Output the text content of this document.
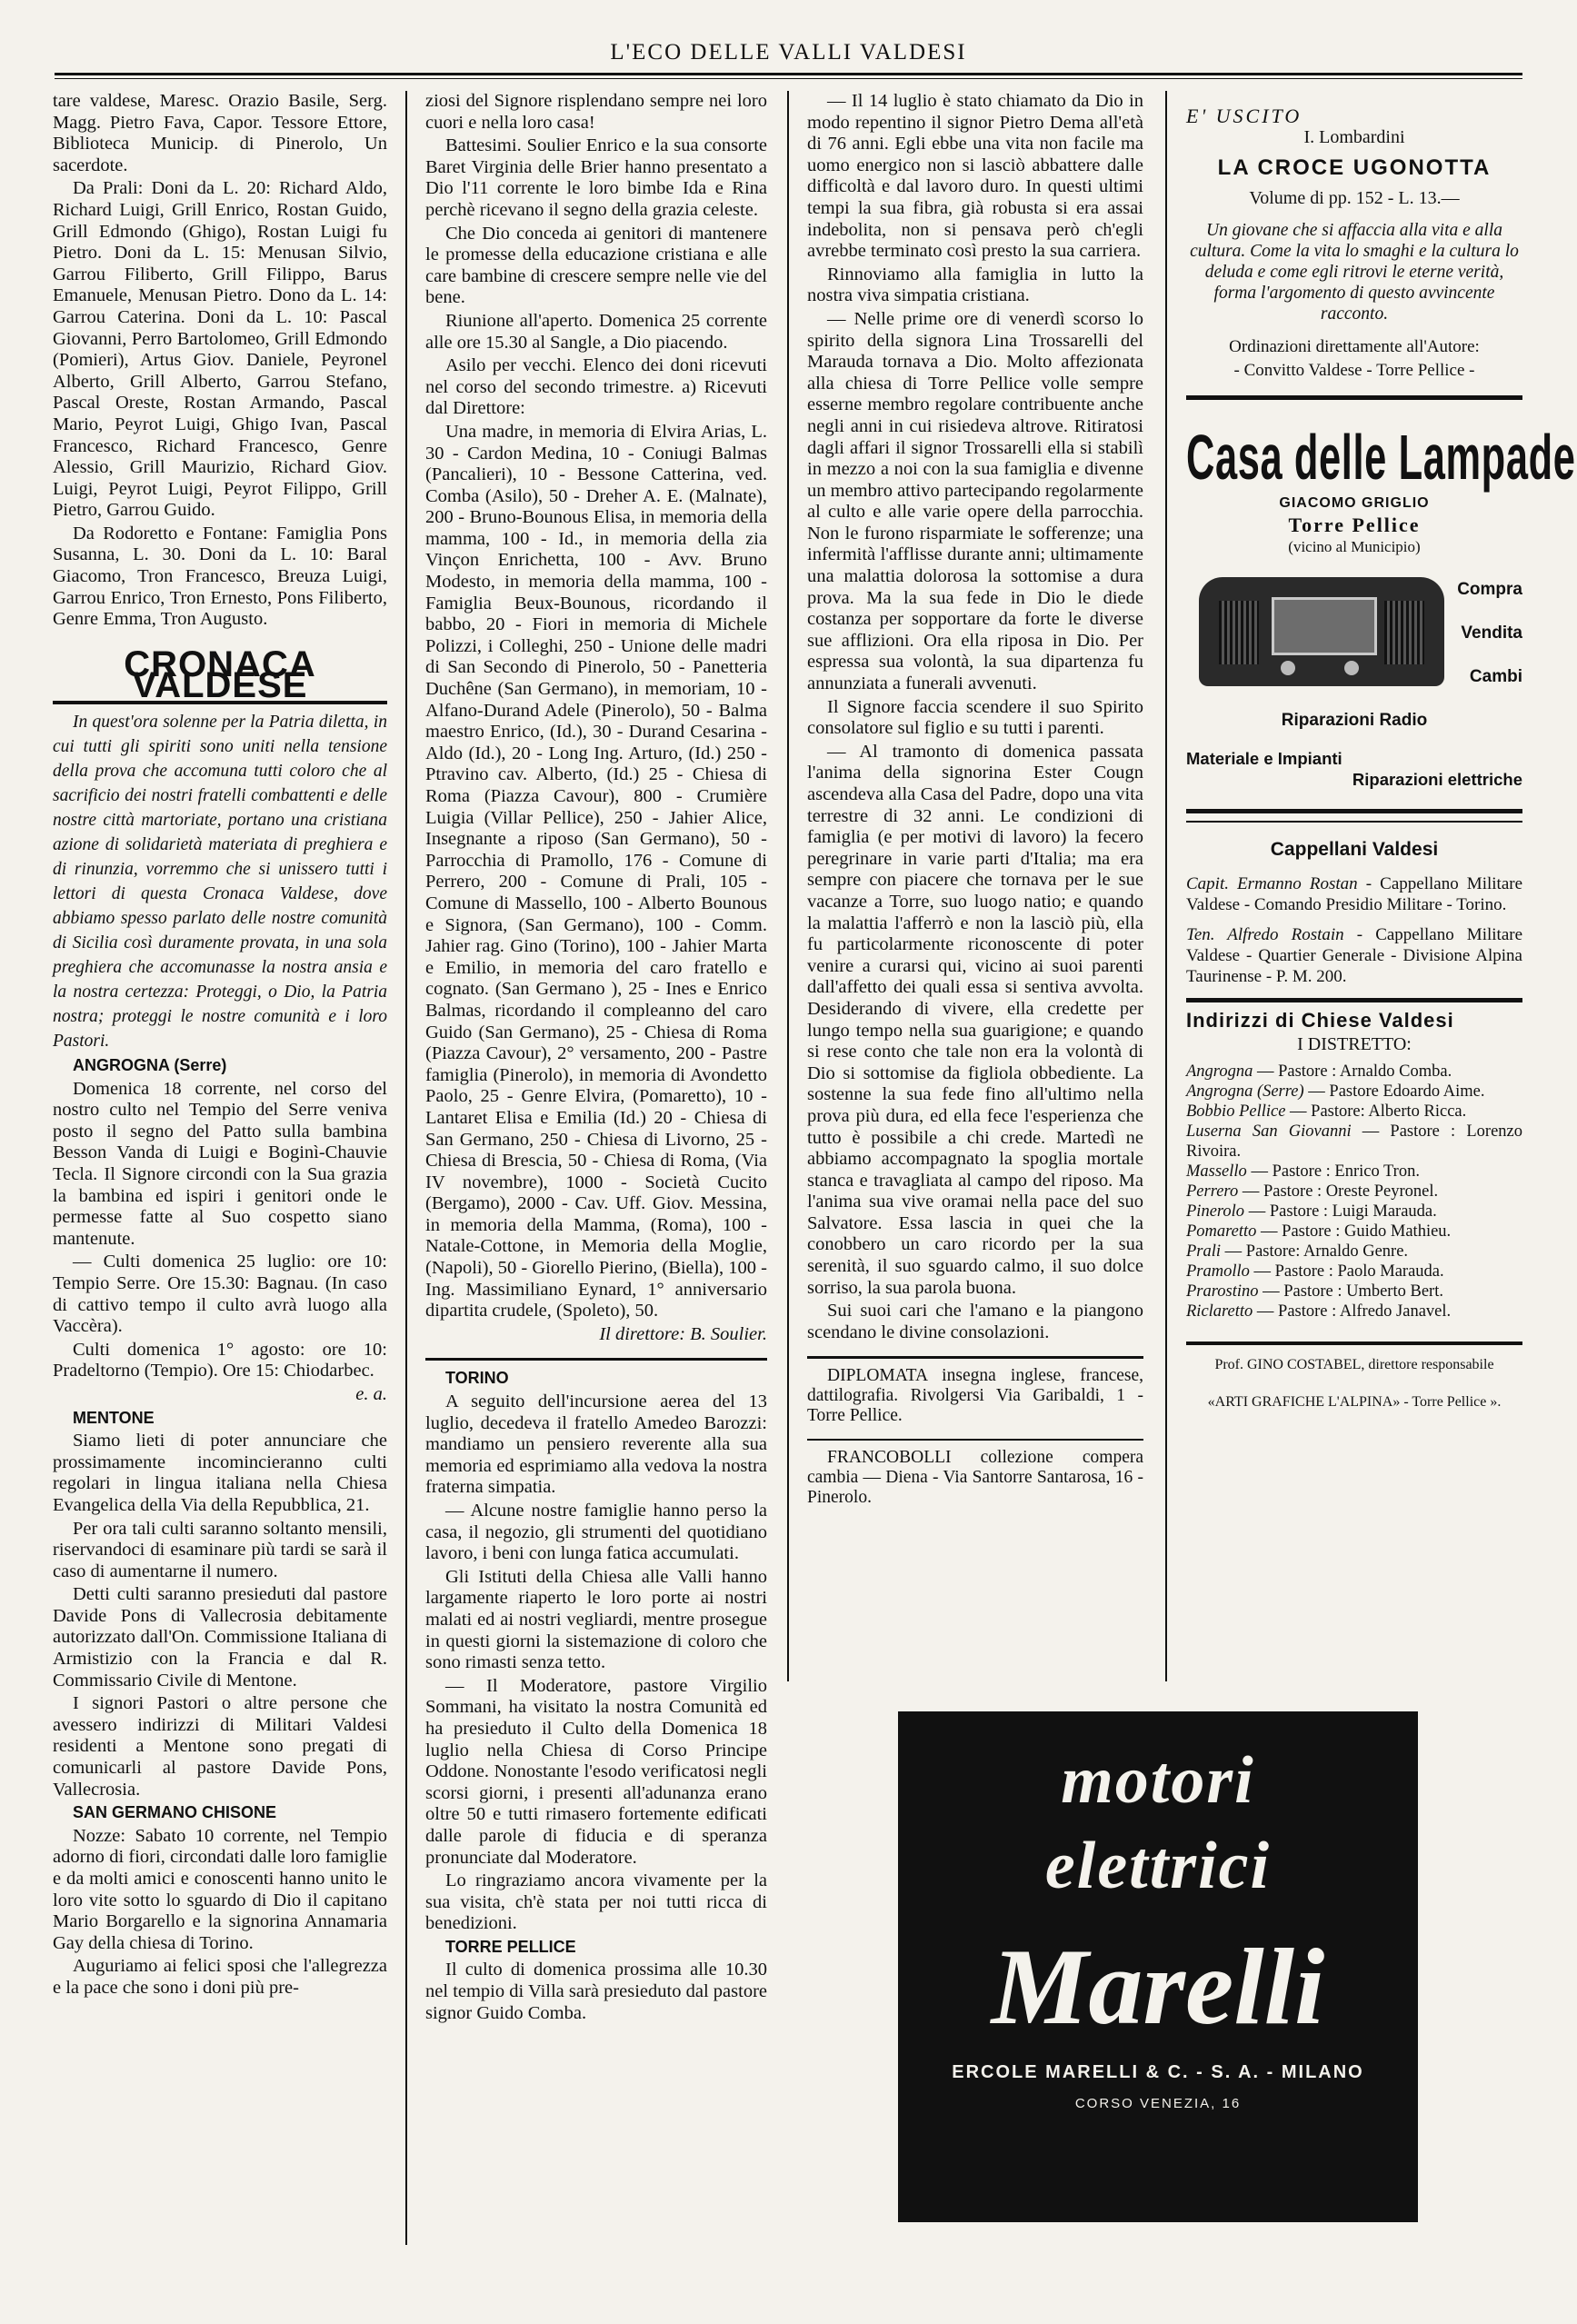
L'ECO DELLE VALLI VALDESI

tare valdese, Maresc. Orazio Basile, Serg. Magg. Pietro Fava, Capor. Tessore Ettore, Biblioteca Municip. di Pinerolo, Un sacerdote.

Da Prali: Doni da L. 20: Richard Aldo, Richard Luigi, Grill Enrico, Rostan Guido, Grill Edmondo (Ghigo), Rostan Luigi fu Pietro. Doni da L. 15: Menusan Silvio, Garrou Filiberto, Grill Filippo, Barus Emanuele, Menusan Pietro. Dono da L. 14: Garrou Caterina. Doni da L. 10: Pascal Giovanni, Perro Bartolomeo, Grill Edmondo (Pomieri), Artus Giov. Daniele, Peyronel Alberto, Grill Alberto, Garrou Stefano, Pascal Oreste, Rostan Armando, Pascal Mario, Peyrot Luigi, Ghigo Ivan, Pascal Francesco, Richard Francesco, Genre Alessio, Grill Maurizio, Richard Giov. Luigi, Peyrot Luigi, Peyrot Filippo, Grill Pietro, Garrou Guido.

Da Rodoretto e Fontane: Famiglia Pons Susanna, L. 30. Doni da L. 10: Baral Giacomo, Tron Francesco, Breuza Luigi, Garrou Enrico, Tron Ernesto, Pons Filiberto, Genre Emma, Tron Augusto.

CRONACA VALDESE

In quest'ora solenne per la Patria diletta, in cui tutti gli spiriti sono uniti nella tensione della prova che accomuna tutti coloro che al sacrificio dei nostri fratelli combattenti e delle nostre città martoriate, portano una cristiana azione di solidarietà materiata di preghiera e di rinunzia, vorremmo che si unissero tutti i lettori di questa Cronaca Valdese, dove abbiamo spesso parlato delle nostre comunità di Sicilia così duramente provata, in una sola preghiera che accomunasse la nostra ansia e la nostra certezza: Proteggi, o Dio, la Patria nostra; proteggi le nostre comunità e i loro Pastori.

ANGROGNA (Serre)

Domenica 18 corrente, nel corso del nostro culto nel Tempio del Serre veniva posto il segno del Patto sulla bambina Besson Vanda di Luigi e Boginì-Chauvie Tecla. Il Signore circondi con la Sua grazia la bambina ed ispiri i genitori onde le permesse fatte al Suo cospetto siano mantenute.

— Culti domenica 25 luglio: ore 10: Tempio Serre. Ore 15.30: Bagnau. (In caso di cattivo tempo il culto avrà luogo alla Vaccèra).

Culti domenica 1° agosto: ore 10: Pradeltorno (Tempio). Ore 15: Chiodarbec.

e. a.

MENTONE

Siamo lieti di poter annunciare che prossimamente incomincieranno culti regolari in lingua italiana nella Chiesa Evangelica della Via della Repubblica, 21.

Per ora tali culti saranno soltanto mensili, riservandoci di esaminare più tardi se sarà il caso di aumentarne il numero.

Detti culti saranno presieduti dal pastore Davide Pons di Vallecrosia debitamente autorizzato dall'On. Commissione Italiana di Armistizio con la Francia e dal R. Commissario Civile di Mentone.

I signori Pastori o altre persone che avessero indirizzi di Militari Valdesi residenti a Mentone sono pregati di comunicarli al pastore Davide Pons, Vallecrosia.

SAN GERMANO CHISONE

Nozze: Sabato 10 corrente, nel Tempio adorno di fiori, circondati dalle loro famiglie e da molti amici e conoscenti hanno unito le loro vite sotto lo sguardo di Dio il capitano Mario Borgarello e la signorina Annamaria Gay della chiesa di Torino.

Auguriamo ai felici sposi che l'allegrezza e la pace che sono i doni più pre-

ziosi del Signore risplendano sempre nei loro cuori e nella loro casa!

Battesimi. Soulier Enrico e la sua consorte Baret Virginia delle Brier hanno presentato a Dio l'11 corrente le loro bimbe Ida e Rina perchè ricevano il segno della grazia celeste.

Che Dio conceda ai genitori di mantenere le promesse della educazione cristiana e alle care bambine di crescere sempre nelle vie del bene.

Riunione all'aperto. Domenica 25 corrente alle ore 15.30 al Sangle, a Dio piacendo.

Asilo per vecchi. Elenco dei doni ricevuti nel corso del secondo trimestre. a) Ricevuti dal Direttore:

Una madre, in memoria di Elvira Arias, L. 30 - Cardon Medina, 10 - Coniugi Balmas (Pancalieri), 10 - Bessone Catterina, ved. Comba (Asilo), 50 - Dreher A. E. (Malnate), 200 - Bruno-Bounous Elisa, in memoria della mamma, 100 - Id., in memoria della zia Vinçon Enrichetta, 100 - Avv. Bruno Modesto, in memoria della mamma, 100 - Famiglia Beux-Bounous, ricordando il babbo, 20 - Fiori in memoria di Michele Polizzi, i Colleghi, 250 - Unione delle madri di San Secondo di Pinerolo, 50 - Panetteria Duchêne (San Germano), in memoriam, 10 - Alfano-Durand Adele (Pinerolo), 50 - Balma maestro Enrico, (Id.), 30 - Durand Cesarina - Aldo (Id.), 20 - Long Ing. Arturo, (Id.) 250 - Ptravino cav. Alberto, (Id.) 25 - Chiesa di Roma (Piazza Cavour), 800 - Crumière Luigia (Villar Pellice), 250 - Jahier Alice, Insegnante a riposo (San Germano), 50 - Parrocchia di Pramollo, 176 - Comune di Perrero, 200 - Comune di Prali, 105 - Comune di Massello, 100 - Alberto Bounous e Signora, (San Germano), 100 - Comm. Jahier rag. Gino (Torino), 100 - Jahier Marta e Emilio, in memoria del caro fratello e cognato. (San Germano ), 25 - Ines e Enrico Balmas, ricordando il compleanno del caro Guido (San Germano), 25 - Chiesa di Roma (Piazza Cavour), 2° versamento, 200 - Pastre famiglia (Pinerolo), in memoria di Avondetto Paolo, 25 - Genre Elvira, (Pomaretto), 10 - Lantaret Elisa e Emilia (Id.) 20 - Chiesa di San Germano, 250 - Chiesa di Livorno, 25 - Chiesa di Brescia, 50 - Chiesa di Roma, (Via IV novembre), 1000 - Società Cucito (Bergamo), 2000 - Cav. Uff. Giov. Messina, in memoria della Mamma, (Roma), 100 - Natale-Cottone, in Memoria della Moglie, (Napoli), 50 - Giorello Pierino, (Biella), 100 - Ing. Massimiliano Eynard, 1° anniversario dipartita crudele, (Spoleto), 50.

Il direttore: B. Soulier.

TORINO

A seguito dell'incursione aerea del 13 luglio, decedeva il fratello Amedeo Barozzi: mandiamo un pensiero reverente alla sua memoria ed esprimiamo alla vedova la nostra fraterna simpatia.

— Alcune nostre famiglie hanno perso la casa, il negozio, gli strumenti del quotidiano lavoro, i beni con lunga fatica accumulati.

Gli Istituti della Chiesa alle Valli hanno largamente riaperto le loro porte ai nostri malati ed ai nostri vegliardi, mentre prosegue in questi giorni la sistemazione di coloro che sono rimasti senza tetto.

— Il Moderatore, pastore Virgilio Sommani, ha visitato la nostra Comunità ed ha presieduto il Culto della Domenica 18 luglio nella Chiesa di Corso Principe Oddone. Nonostante l'esodo verificatosi negli scorsi giorni, i presenti all'adunanza erano oltre 50 e tutti rimasero fortemente edificati dalle parole di fiducia e di speranza pronunciate dal Moderatore.

Lo ringraziamo ancora vivamente per la sua visita, ch'è stata per noi tutti ricca di benedizioni.

TORRE PELLICE

Il culto di domenica prossima alle 10.30 nel tempio di Villa sarà presieduto dal pastore signor Guido Comba.

— Il 14 luglio è stato chiamato da Dio in modo repentino il signor Pietro Dema all'età di 76 anni. Egli ebbe una vita non facile ma uomo energico non si lasciò abbattere dalle difficoltà e dal lavoro duro. In questi ultimi tempi la sua fibra, già robusta si era assai indebolita, non si pensava però ch'egli avrebbe terminato così presto la sua carriera.

Rinnoviamo alla famiglia in lutto la nostra viva simpatia cristiana.

— Nelle prime ore di venerdì scorso lo spirito della signora Lina Trossarelli del Marauda tornava a Dio. Molto affezionata alla chiesa di Torre Pellice volle sempre esserne membro regolare contribuente anche negli anni in cui risiedeva altrove. Ritiratosi dagli affari il signor Trossarelli ella si stabilì in mezzo a noi con la sua famiglia e divenne un membro attivo partecipando regolarmente al culto e alle varie opere della parrocchia. Non le furono risparmiate le sofferenze; una infermità l'afflisse durante anni; ultimamente una malattia dolorosa la sottomise a dura prova. Ma la sua fede in Dio le diede costanza per sopportare da forte le diverse sue afflizioni. Ora ella riposa in Dio. Per espressa sua volontà, la sua dipartenza fu annunziata a funerali avvenuti.

Il Signore faccia scendere il suo Spirito consolatore sul figlio e su tutti i parenti.

— Al tramonto di domenica passata l'anima della signorina Ester Cougn ascendeva alla Casa del Padre, dopo una vita terrestre di 32 anni. Le condizioni di famiglia (e per motivi di lavoro) la fecero peregrinare in varie parti d'Italia; ma era sempre con piacere che tornava per le sue vacanze a Torre, suo luogo natio; e quando la malattia l'afferrò e non la lasciò più, ella fu particolarmente riconoscente di poter venire a curarsi qui, vicino ai suoi parenti dall'affetto dei quali essa si sentiva avvolta. Desiderando di vivere, ella credette per lungo tempo nella sua guarigione; e quando si rese conto che tale non era la volontà di Dio si sottomise da figliola obbediente. La sostenne la sua fede fino all'ultimo nella prova più dura, ed ella fece l'esperienza che tutto è possibile a chi crede. Martedì ne abbiamo accompagnato la spoglia mortale stanca e travagliata al campo del riposo. Ma l'anima sua vive oramai nella pace del suo Salvatore. Essa lascia in quei che la conobbero un caro ricordo per la sua serenità, il suo sguardo calmo, il suo dolce sorriso, la sua parola buona.

Sui suoi cari che l'amano e la piangono scendano le divine consolazioni.

DIPLOMATA insegna inglese, francese, dattilografia. Rivolgersi Via Garibaldi, 1 - Torre Pellice.

FRANCOBOLLI collezione compera cambia — Diena - Via Santorre Santarosa, 16 - Pinerolo.

E' USCITO
I. Lombardini
LA CROCE UGONOTTA
Volume di pp. 152 - L. 13.—
Un giovane che si affaccia alla vita e alla cultura. Come la vita lo smaghi e la cultura lo deluda e come egli ritrovi le eterne verità, forma l'argomento di questo avvincente racconto.
Ordinazioni direttamente all'Autore:
- Convitto Valdese - Torre Pellice -
Casa delle Lampade
GIACOMO GRIGLIO
Torre Pellice
(vicino al Municipio)
Compra
Vendita
Cambi
Riparazioni Radio
Materiale e Impianti
Riparazioni elettriche
Cappellani Valdesi
Capit. Ermanno Rostan - Cappellano Militare Valdese - Comando Presidio Militare - Torino.
Ten. Alfredo Rostain - Cappellano Militare Valdese - Quartier Generale - Divisione Alpina Taurinense - P. M. 200.
Indirizzi di Chiese Valdesi
I DISTRETTO:
Angrogna — Pastore : Arnaldo Comba.
Angrogna (Serre) — Pastore Edoardo Aime.
Bobbio Pellice — Pastore: Alberto Ricca.
Luserna San Giovanni — Pastore : Lorenzo Rivoira.
Massello — Pastore : Enrico Tron.
Perrero — Pastore : Oreste Peyronel.
Pinerolo — Pastore : Luigi Marauda.
Pomaretto — Pastore : Guido Mathieu.
Prali — Pastore: Arnaldo Genre.
Pramollo — Pastore : Paolo Marauda.
Prarostino — Pastore : Umberto Bert.
Riclaretto — Pastore : Alfredo Janavel.
Prof. GINO COSTABEL, direttore responsabile
«ARTI GRAFICHE L'ALPINA» - Torre Pellice ».
motori
elettrici
Marelli
ERCOLE MARELLI & C. - S. A. - MILANO
CORSO VENEZIA, 16
